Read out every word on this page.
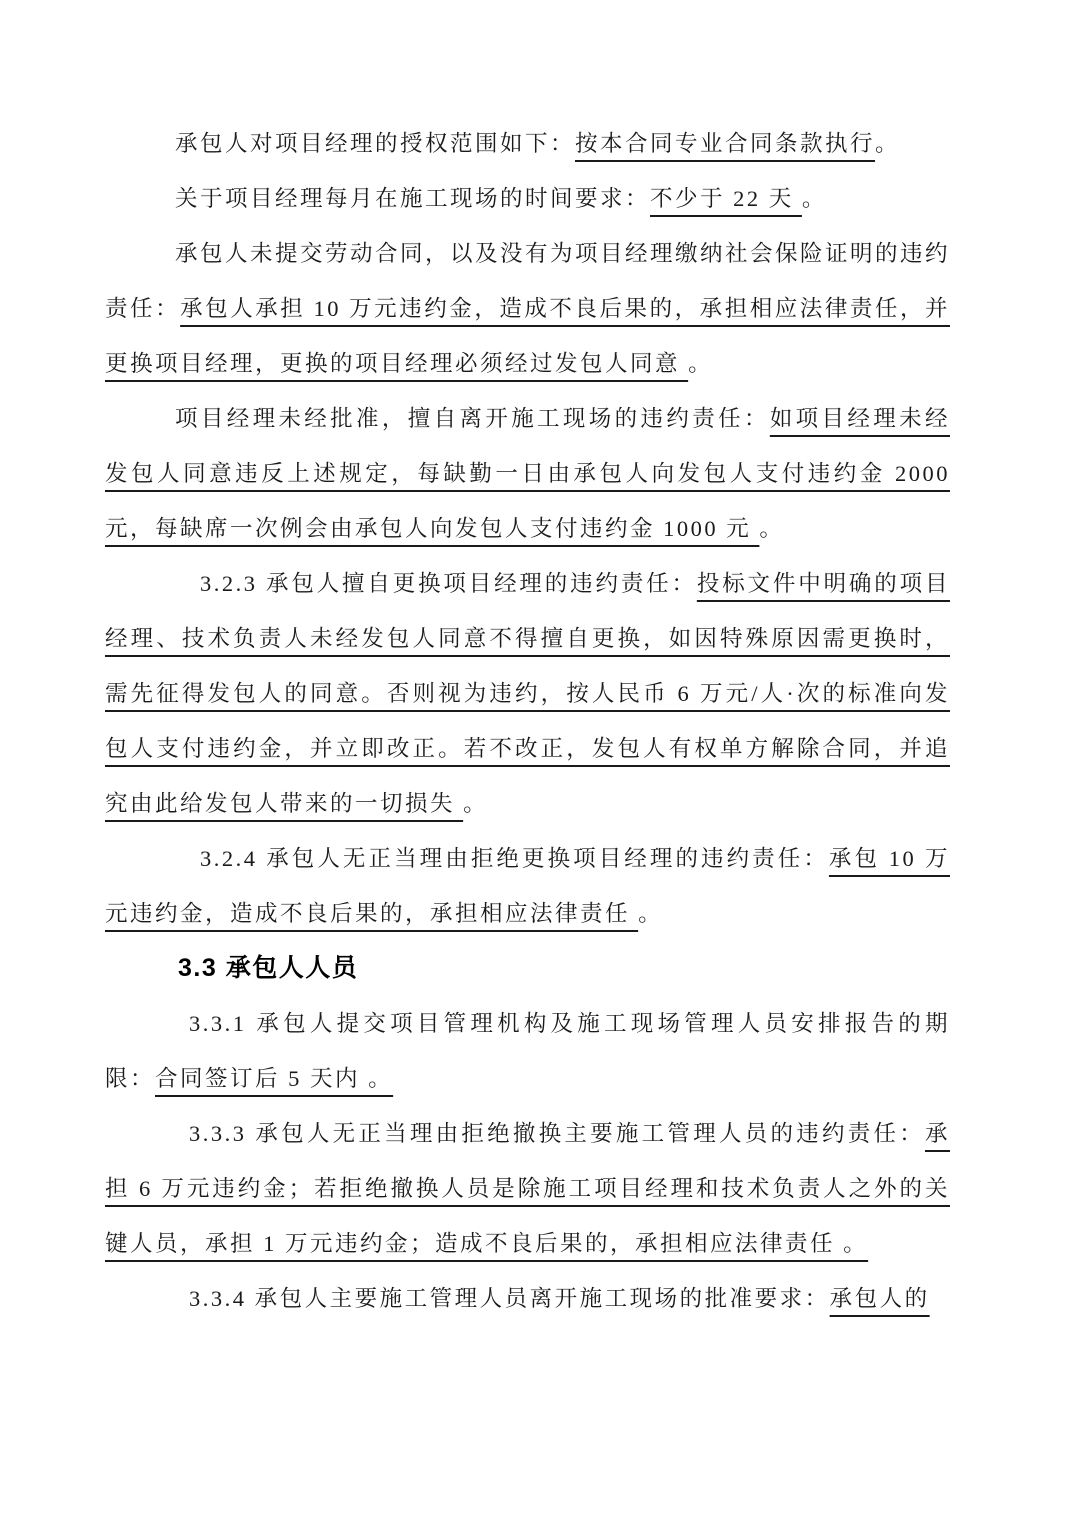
承包人对项目经理的授权范围如下：按本合同专业合同条款执行。

关于项目经理每月在施工现场的时间要求：不少于 22 天 。

承包人未提交劳动合同，以及没有为项目经理缴纳社会保险证明的违约责任：承包人承担 10 万元违约金，造成不良后果的，承担相应法律责任，并更换项目经理，更换的项目经理必须经过发包人同意 。

项目经理未经批准，擅自离开施工现场的违约责任：如项目经理未经发包人同意违反上述规定，每缺勤一日由承包人向发包人支付违约金 2000 元，每缺席一次例会由承包人向发包人支付违约金 1000 元 。

3.2.3 承包人擅自更换项目经理的违约责任：投标文件中明确的项目经理、技术负责人未经发包人同意不得擅自更换，如因特殊原因需更换时，需先征得发包人的同意。否则视为违约，按人民币 6 万元/人·次的标准向发包人支付违约金，并立即改正。若不改正，发包人有权单方解除合同，并追究由此给发包人带来的一切损失 。

3.2.4 承包人无正当理由拒绝更换项目经理的违约责任：承包 10 万元违约金，造成不良后果的，承担相应法律责任 。

3.3 承包人人员

3.3.1 承包人提交项目管理机构及施工现场管理人员安排报告的期限：合同签订后 5 天内 。

3.3.3 承包人无正当理由拒绝撤换主要施工管理人员的违约责任：承担 6 万元违约金；若拒绝撤换人员是除施工项目经理和技术负责人之外的关键人员，承担 1 万元违约金；造成不良后果的，承担相应法律责任 。

3.3.4 承包人主要施工管理人员离开施工现场的批准要求：承包人的
